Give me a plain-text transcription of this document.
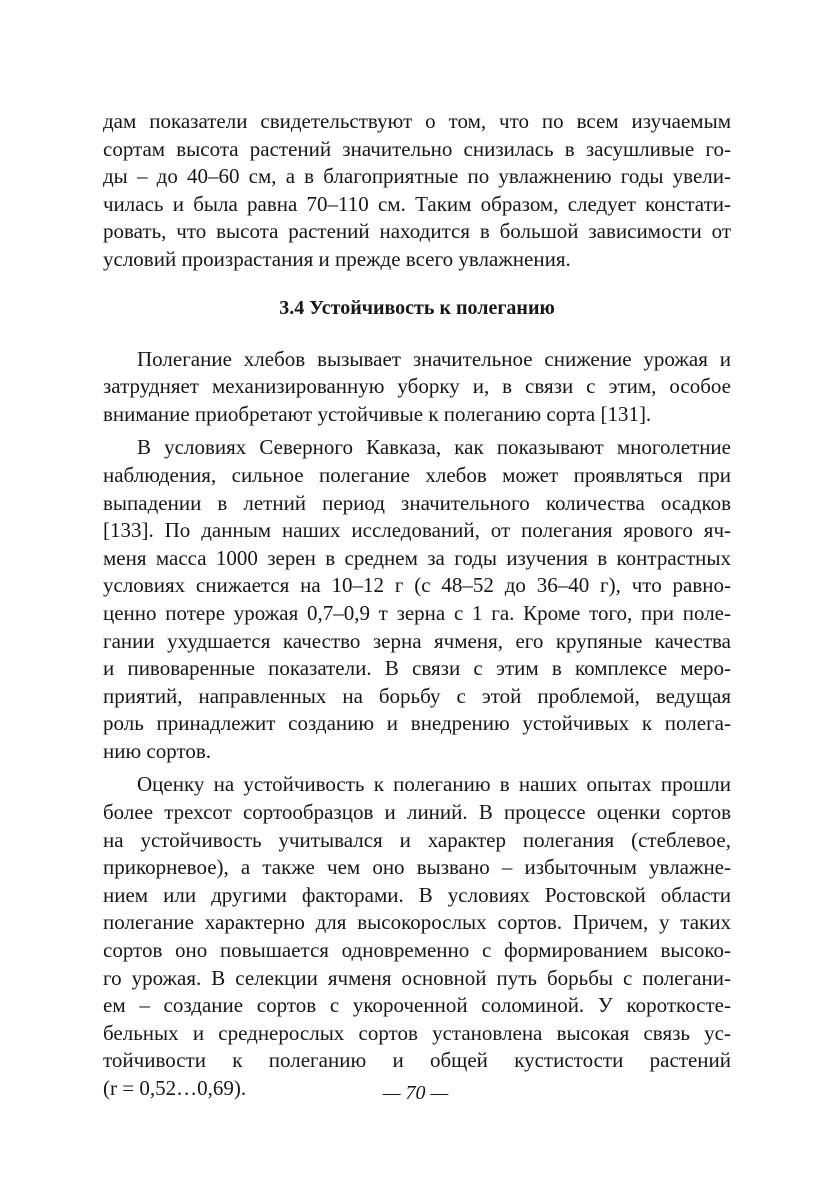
дам показатели свидетельствуют о том, что по всем изучаемым
сортам высота растений значительно снизилась в засушливые го-
ды – до 40–60 см, а в благоприятные по увлажнению годы увели-
чилась и была равна 70–110 см. Таким образом, следует констати-
ровать, что высота растений находится в большой зависимости от
условий произрастания и прежде всего увлажнения.
3.4 Устойчивость к полеганию
Полегание хлебов вызывает значительное снижение урожая и
затрудняет механизированную уборку и, в связи с этим, особое
внимание приобретают устойчивые к полеганию сорта [131].
В условиях Северного Кавказа, как показывают многолетние
наблюдения, сильное полегание хлебов может проявляться при
выпадении в летний период значительного количества осадков
[133]. По данным наших исследований, от полегания ярового яч-
меня масса 1000 зерен в среднем за годы изучения в контрастных
условиях снижается на 10–12 г (с 48–52 до 36–40 г), что равно-
ценно потере урожая 0,7–0,9 т зерна с 1 га. Кроме того, при поле-
гании ухудшается качество зерна ячменя, его крупяные качества
и пивоваренные показатели. В связи с этим в комплексе меро-
приятий, направленных на борьбу с этой проблемой, ведущая
роль принадлежит созданию и внедрению устойчивых к полега-
нию сортов.
Оценку на устойчивость к полеганию в наших опытах прошли
более трехсот сортообразцов и линий. В процессе оценки сортов
на устойчивость учитывался и характер полегания (стеблевое,
прикорневое), а также чем оно вызвано – избыточным увлажне-
нием или другими факторами. В условиях Ростовской области
полегание характерно для высокорослых сортов. Причем, у таких
сортов оно повышается одновременно с формированием высоко-
го урожая. В селекции ячменя основной путь борьбы с полегани-
ем – создание сортов с укороченной соломиной. У короткосте-
бельных и среднерослых сортов установлена высокая связь ус-
тойчивости к полеганию и общей кустистости растений
(r = 0,52…0,69).	— 70 —
